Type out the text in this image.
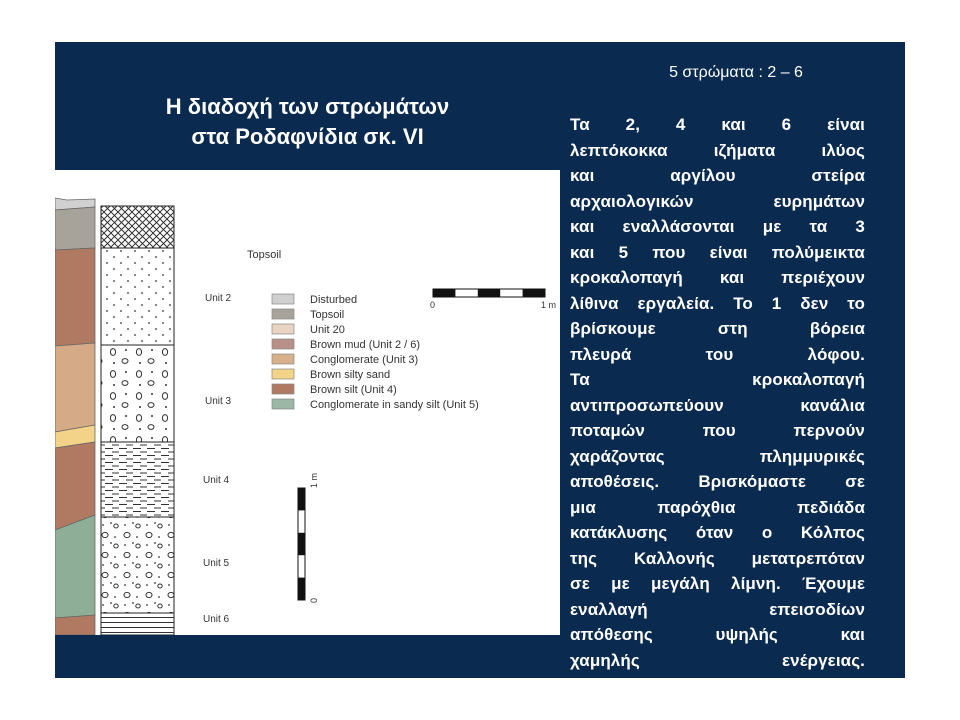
Η διαδοχή των στρωμάτων
στα Ροδαφνίδια σκ. VI
Topsoil
Unit 2
Unit 3
Unit 4
Unit 5
Unit 6
Disturbed
Topsoil
Unit 20
Brown mud (Unit 2 / 6)
Conglomerate (Unit 3)
Brown silty sand
Brown silt (Unit 4)
Conglomerate in sandy silt (Unit 5)
0	1 m
1 m
0
5 στρώματα : 2 – 6
Τα 2, 4 και 6 είναι
λεπτόκοκκα ιζήματα ιλύος
και αργίλου στείρα
αρχαιολογικών ευρημάτων
και εναλλάσονται με τα 3
και 5 που είναι πολύμεικτα
κροκαλοπαγή και περιέχουν
λίθινα εργαλεία. Το 1 δεν το
βρίσκουμε στη βόρεια
πλευρά του λόφου.
Τα κροκαλοπαγή
αντιπροσωπεύουν κανάλια
ποταμών που περνούν
χαράζοντας πλημμυρικές
αποθέσεις. Βρισκόμαστε σε
μια παρόχθια πεδιάδα
κατάκλυσης όταν ο Κόλπος
της Καλλονής μετατρεπόταν
σε με μεγάλη λίμνη. Έχουμε
εναλλαγή επεισοδίων
απόθεσης υψηλής και
χαμηλής ενέργειας.
